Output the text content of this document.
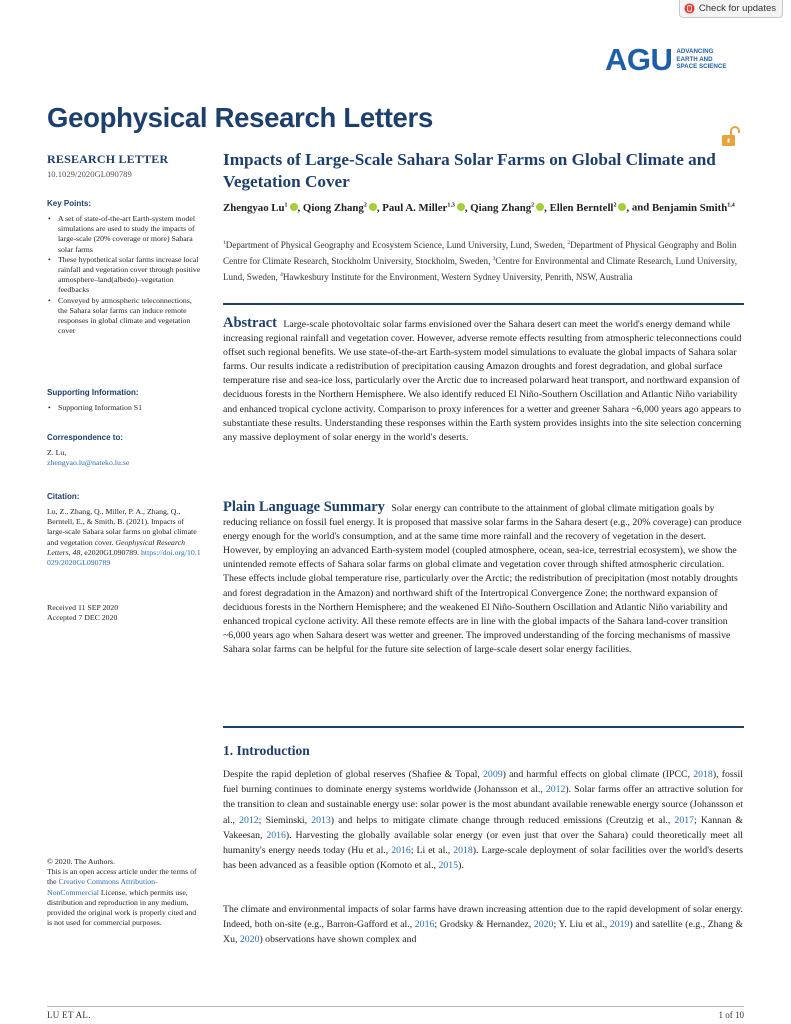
Check for updates
AGU ADVANCING
EARTH AND
SPACE SCIENCE
Geophysical Research Letters
RESEARCH LETTER
10.1029/2020GL090789
Key Points:
• A set of state-of-the-art Earth-system model simulations are used to study the impacts of large-scale (20% coverage or more) Sahara solar farms
• These hypothetical solar farms increase local rainfall and vegetation cover through positive atmosphere–land(albedo)–vegetation feedbacks
• Conveyed by atmospheric teleconnections, the Sahara solar farms can induce remote responses in global climate and vegetation cover
Supporting Information:
• Supporting Information S1
Correspondence to:
Z. Lu,
zhengyao.lu@nateko.lu.se
Citation:
Lu, Z., Zhang, Q., Miller, P. A., Zhang, Q., Berntell, E., & Smith, B. (2021). Impacts of large-scale Sahara solar farms on global climate and vegetation cover. Geophysical Research Letters, 48, e2020GL090789. https://doi.org/10.1029/2020GL090789
Received 11 SEP 2020
Accepted 7 DEC 2020
© 2020. The Authors.
This is an open access article under the terms of the Creative Commons Attribution-NonCommercial License, which permits use, distribution and reproduction in any medium, provided the original work is properly cited and is not used for commercial purposes.
Impacts of Large-Scale Sahara Solar Farms on Global Climate and Vegetation Cover
Zhengyao Lu$^1$ , Qiong Zhang$^2$ , Paul A. Miller$^{1,3}$ , Qiang Zhang$^2$ , Ellen Berntell$^2$ , and Benjamin Smith$^{1,4}$
$^1$Department of Physical Geography and Ecosystem Science, Lund University, Lund, Sweden, $^2$Department of Physical Geography and Bolin Centre for Climate Research, Stockholm University, Stockholm, Sweden, $^3$Centre for Environmental and Climate Research, Lund University, Lund, Sweden, $^4$Hawkesbury Institute for the Environment, Western Sydney University, Penrith, NSW, Australia
Abstract Large-scale photovoltaic solar farms envisioned over the Sahara desert can meet the world's energy demand while increasing regional rainfall and vegetation cover. However, adverse remote effects resulting from atmospheric teleconnections could offset such regional benefits. We use state-of-the-art Earth-system model simulations to evaluate the global impacts of Sahara solar farms. Our results indicate a redistribution of precipitation causing Amazon droughts and forest degradation, and global surface temperature rise and sea-ice loss, particularly over the Arctic due to increased polarward heat transport, and northward expansion of deciduous forests in the Northern Hemisphere. We also identify reduced El Niño-Southern Oscillation and Atlantic Niño variability and enhanced tropical cyclone activity. Comparison to proxy inferences for a wetter and greener Sahara ~6,000 years ago appears to substantiate these results. Understanding these responses within the Earth system provides insights into the site selection concerning any massive deployment of solar energy in the world's deserts.
Plain Language Summary Solar energy can contribute to the attainment of global climate mitigation goals by reducing reliance on fossil fuel energy. It is proposed that massive solar farms in the Sahara desert (e.g., 20% coverage) can produce energy enough for the world's consumption, and at the same time more rainfall and the recovery of vegetation in the desert. However, by employing an advanced Earth-system model (coupled atmosphere, ocean, sea-ice, terrestrial ecosystem), we show the unintended remote effects of Sahara solar farms on global climate and vegetation cover through shifted atmospheric circulation. These effects include global temperature rise, particularly over the Arctic; the redistribution of precipitation (most notably droughts and forest degradation in the Amazon) and northward shift of the Intertropical Convergence Zone; the northward expansion of deciduous forests in the Northern Hemisphere; and the weakened El Niño-Southern Oscillation and Atlantic Niño variability and enhanced tropical cyclone activity. All these remote effects are in line with the global impacts of the Sahara land-cover transition ~6,000 years ago when Sahara desert was wetter and greener. The improved understanding of the forcing mechanisms of massive Sahara solar farms can be helpful for the future site selection of large-scale desert solar energy facilities.
1. Introduction
Despite the rapid depletion of global reserves (Shafiee & Topal, 2009) and harmful effects on global climate (IPCC, 2018), fossil fuel burning continues to dominate energy systems worldwide (Johansson et al., 2012). Solar farms offer an attractive solution for the transition to clean and sustainable energy use: solar power is the most abundant available renewable energy source (Johansson et al., 2012; Sieminski, 2013) and helps to mitigate climate change through reduced emissions (Creutzig et al., 2017; Kannan & Vakeesan, 2016). Harvesting the globally available solar energy (or even just that over the Sahara) could theoretically meet all humanity's energy needs today (Hu et al., 2016; Li et al., 2018). Large-scale deployment of solar facilities over the world's deserts has been advanced as a feasible option (Komoto et al., 2015).
The climate and environmental impacts of solar farms have drawn increasing attention due to the rapid development of solar energy. Indeed, both on-site (e.g., Barron-Gafford et al., 2016; Grodsky & Hernandez, 2020; Y. Liu et al., 2019) and satellite (e.g., Zhang & Xu, 2020) observations have shown complex and
LU ET AL.	1 of 10
